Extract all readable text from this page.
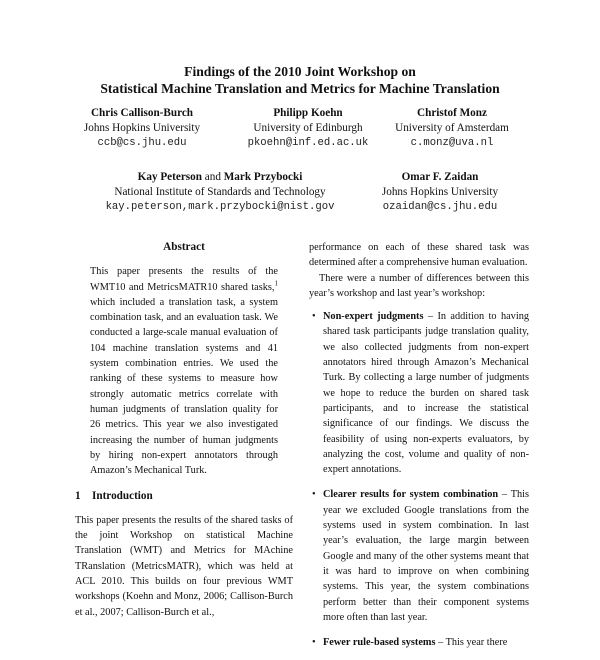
Findings of the 2010 Joint Workshop on
Statistical Machine Translation and Metrics for Machine Translation
Chris Callison-Burch
Johns Hopkins University
ccb@cs.jhu.edu
Philipp Koehn
University of Edinburgh
pkoehn@inf.ed.ac.uk
Christof Monz
University of Amsterdam
c.monz@uva.nl
Kay Peterson and Mark Przybocki
National Institute of Standards and Technology
kay.peterson,mark.przybocki@nist.gov
Omar F. Zaidan
Johns Hopkins University
ozaidan@cs.jhu.edu
Abstract

This paper presents the results of the WMT10 and MetricsMATR10 shared tasks,$^1$ which included a translation task, a system combination task, and an evaluation task. We conducted a large-scale manual evaluation of 104 machine translation systems and 41 system combination entries. We used the ranking of these systems to measure how strongly automatic metrics correlate with human judgments of translation quality for 26 metrics. This year we also investigated increasing the number of human judgments by hiring non-expert annotators through Amazon’s Mechanical Turk.

1 Introduction

This paper presents the results of the shared tasks of the joint Workshop on statistical Machine Translation (WMT) and Metrics for MAchine TRanslation (MetricsMATR), which was held at ACL 2010. This builds on four previous WMT workshops (Koehn and Monz, 2006; Callison-Burch et al., 2007; Callison-Burch et al.,

performance on each of these shared task was determined after a comprehensive human evaluation.

There were a number of differences between this year’s workshop and last year’s workshop:

• Non-expert judgments – In addition to having shared task participants judge translation quality, we also collected judgments from non-expert annotators hired through Amazon’s Mechanical Turk. By collecting a large number of judgments we hope to reduce the burden on shared task participants, and to increase the statistical significance of our findings. We discuss the feasibility of using non-experts evaluators, by analyzing the cost, volume and quality of non-expert annotations.
• Clearer results for system combination – This year we excluded Google translations from the systems used in system combination. In last year’s evaluation, the large margin between Google and many of the other systems meant that it was hard to improve on when combining systems. This year, the system combinations perform better than their component systems more often than last year.
• Fewer rule-based systems – This year there
